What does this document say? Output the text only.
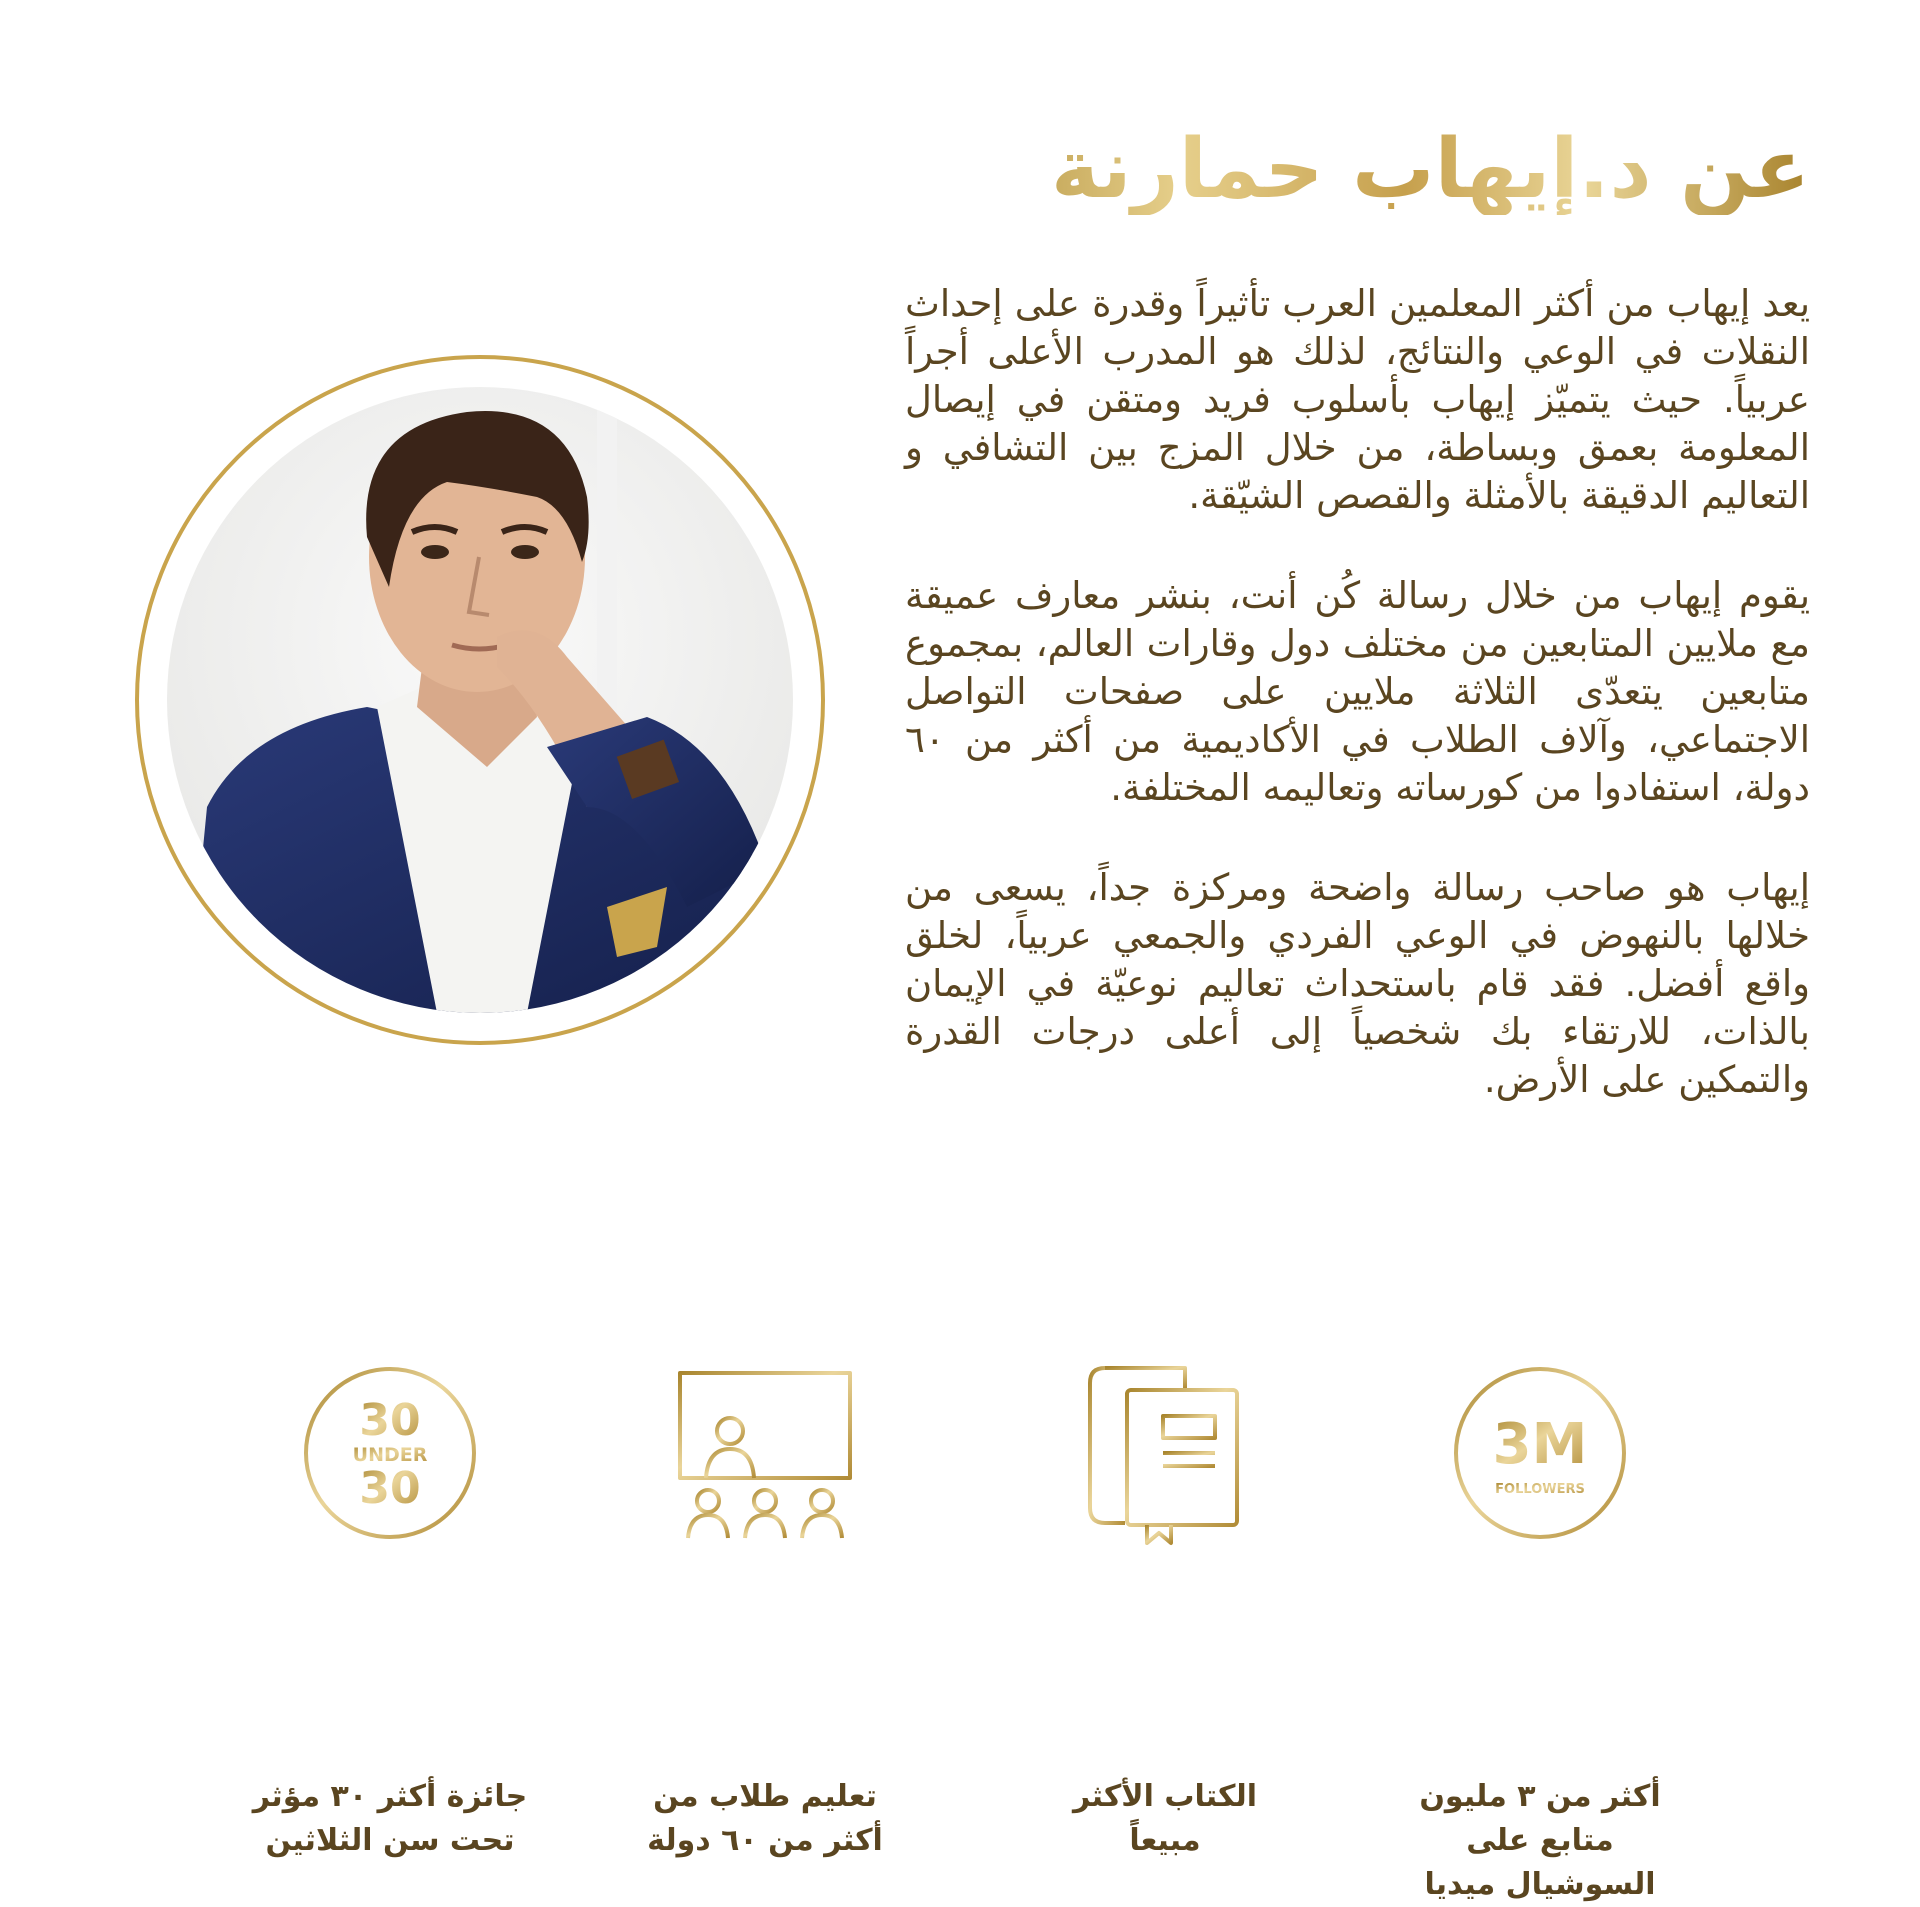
عن د.إيهاب حمارنة

يعد إيهاب من أكثر المعلمين العرب تأثيراً وقدرة على إحداث النقلات في الوعي والنتائج، لذلك هو المدرب الأعلى أجراً عربياً. حيث يتميّز إيهاب بأسلوب فريد ومتقن في إيصال المعلومة بعمق وبساطة، من خلال المزج بين التشافي و التعاليم الدقيقة بالأمثلة والقصص الشيّقة.

يقوم إيهاب من خلال رسالة كُن أنت، بنشر معارف عميقة مع ملايين المتابعين من مختلف دول وقارات العالم، بمجموع متابعين يتعدّى الثلاثة ملايين على صفحات التواصل الاجتماعي، وآلاف الطلاب في الأكاديمية من أكثر من ٦٠ دولة، استفادوا من كورساته وتعاليمه المختلفة.

إيهاب هو صاحب رسالة واضحة ومركزة جداً، يسعى من خلالها بالنهوض في الوعي الفردي والجمعي عربياً، لخلق واقع أفضل. فقد قام باستحداث تعاليم نوعيّة في الإيمان بالذات، للارتقاء بك شخصياً إلى أعلى درجات القدرة والتمكين على الأرض.

3M
FOLLOWERS
أكثر من ٣ مليون
متابع على
السوشيال ميديا
الكتاب الأكثر
مبيعاً
تعليم طلاب من
أكثر من ٦٠ دولة
30
UNDER
30
جائزة أكثر ٣٠ مؤثر
تحت سن الثلاثين
